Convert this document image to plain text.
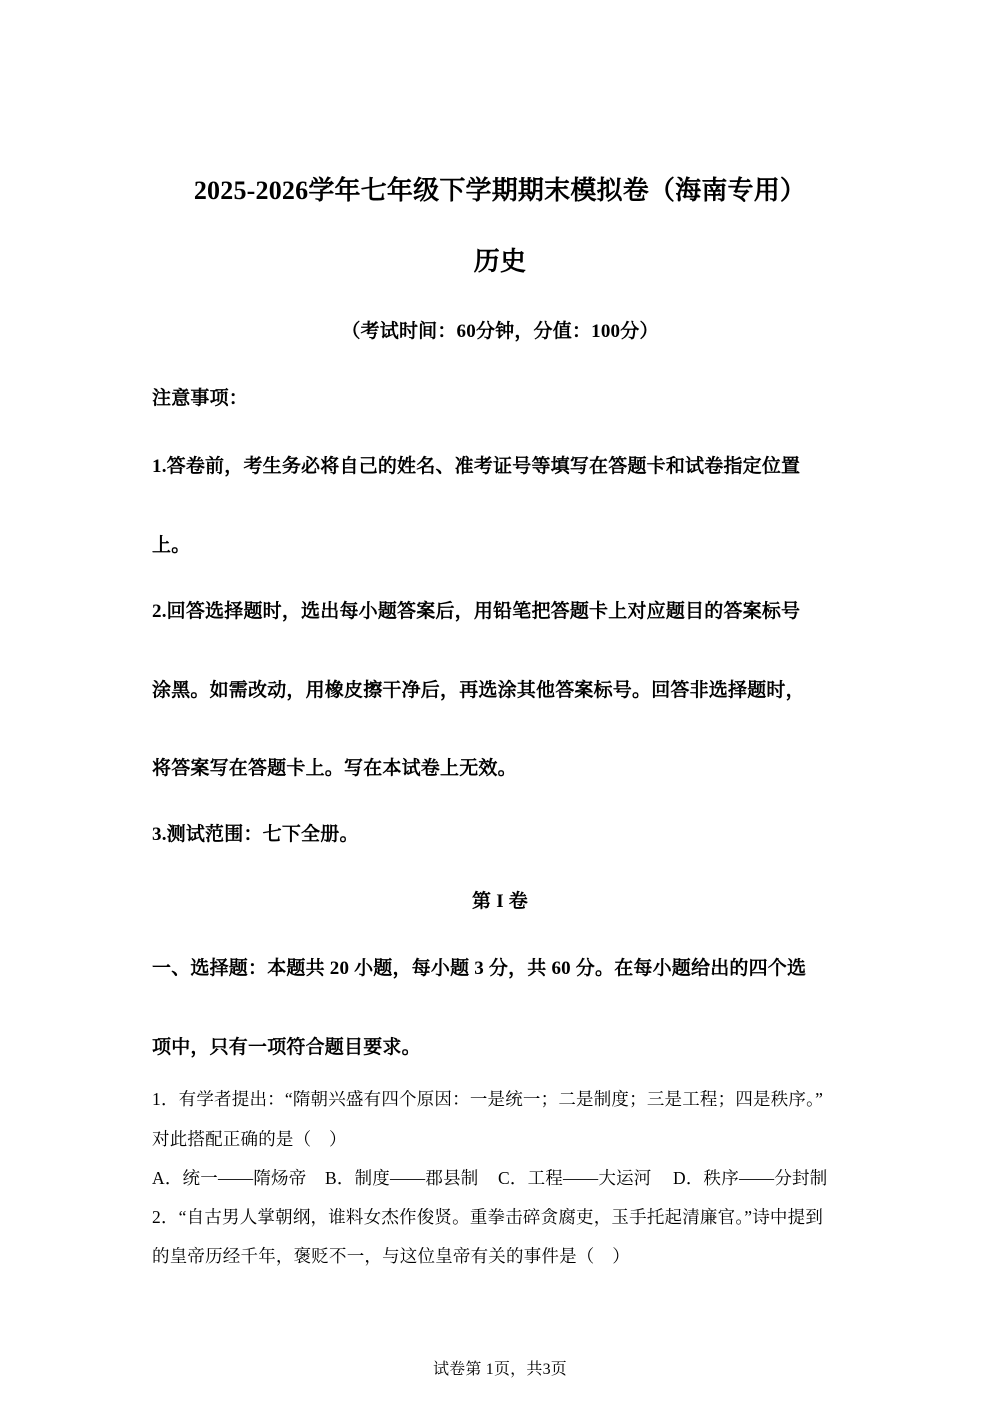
2025-2026学年七年级下学期期末模拟卷（海南专用）
历史
（考试时间：60分钟，分值：100分）
注意事项：
1.答卷前，考生务必将自己的姓名、准考证号等填写在答题卡和试卷指定位置
上。
2.回答选择题时，选出每小题答案后，用铅笔把答题卡上对应题目的答案标号
涂黑。如需改动，用橡皮擦干净后，再选涂其他答案标号。回答非选择题时，
将答案写在答题卡上。写在本试卷上无效。
3.测试范围：七下全册。
第 I 卷
一、选择题：本题共 20 小题，每小题 3 分，共 60 分。在每小题给出的四个选
项中，只有一项符合题目要求。
1．有学者提出：“隋朝兴盛有四个原因：一是统一；二是制度；三是工程；四是秩序。”
对此搭配正确的是（　）
A．统一——隋炀帝 B．制度——郡县制 C．工程——大运河 D．秩序——分封制
2．“自古男人掌朝纲，谁料女杰作俊贤。重拳击碎贪腐吏，玉手托起清廉官。”诗中提到
的皇帝历经千年，褒贬不一，与这位皇帝有关的事件是（　）
试卷第 1页，共3页
